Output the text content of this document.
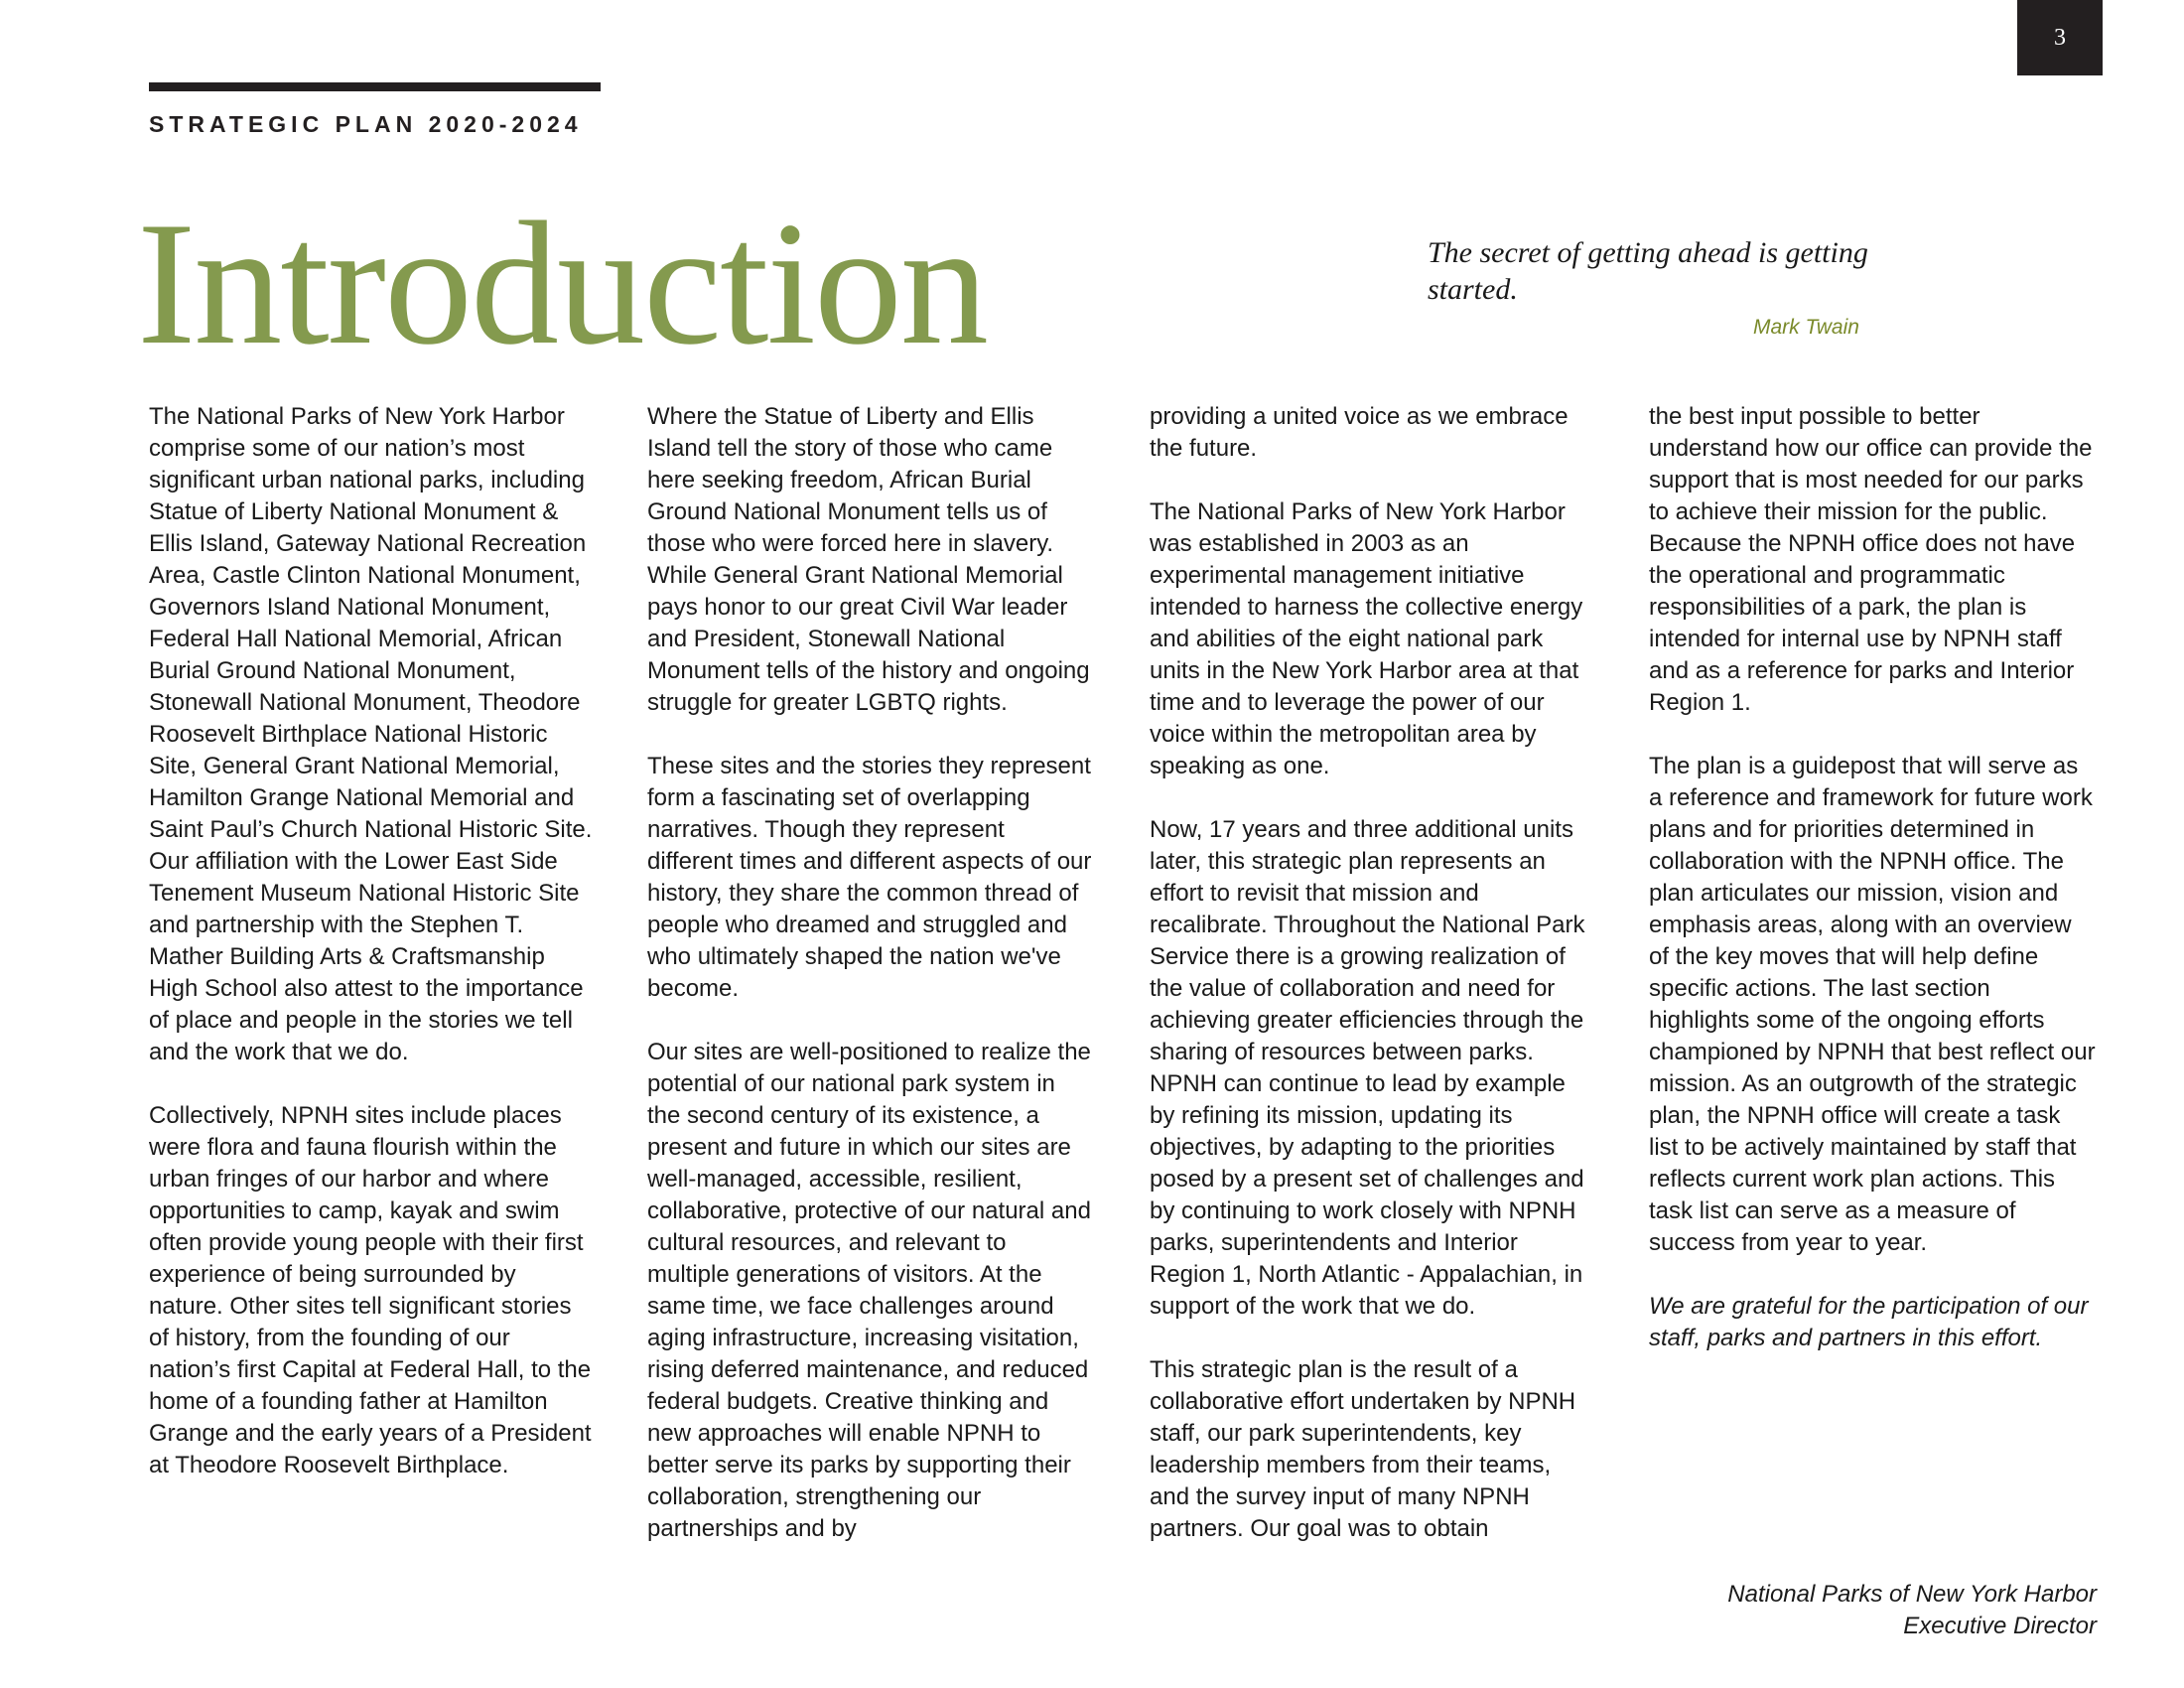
3
STRATEGIC PLAN 2020-2024
Introduction	The secret of getting ahead is getting started.
Mark Twain

The National Parks of New York Harbor comprise some of our nation’s most significant urban national parks, including Statue of Liberty National Monument & Ellis Island, Gateway National Recreation Area, Castle Clinton National Monument, Governors Island National Monument, Federal Hall National Memorial, African Burial Ground National Monument, Stonewall National Monument, Theodore Roosevelt Birthplace National Historic Site, General Grant National Memorial, Hamilton Grange National Memorial and Saint Paul’s Church National Historic Site. Our affiliation with the Lower East Side Tenement Museum National Historic Site and partnership with the Stephen T. Mather Building Arts & Craftsmanship High School also attest to the importance of place and people in the stories we tell and the work that we do.

Collectively, NPNH sites include places were flora and fauna flourish within the urban fringes of our harbor and where opportunities to camp, kayak and swim often provide young people with their first experience of being surrounded by nature. Other sites tell significant stories of history, from the founding of our nation’s first Capital at Federal Hall, to the home of a founding father at Hamilton Grange and the early years of a President at Theodore Roosevelt Birthplace.

Where the Statue of Liberty and Ellis Island tell the story of those who came here seeking freedom, African Burial Ground National Monument tells us of those who were forced here in slavery. While General Grant National Memorial pays honor to our great Civil War leader and President, Stonewall National Monument tells of the history and ongoing struggle for greater LGBTQ rights.

These sites and the stories they represent form a fascinating set of overlapping narratives. Though they represent different times and different aspects of our history, they share the common thread of people who dreamed and struggled and who ultimately shaped the nation we've become.

Our sites are well-positioned to realize the potential of our national park system in the second century of its existence, a present and future in which our sites are well-managed, accessible, resilient, collaborative, protective of our natural and cultural resources, and relevant to multiple generations of visitors. At the same time, we face challenges around aging infrastructure, increasing visitation, rising deferred maintenance, and reduced federal budgets. Creative thinking and new approaches will enable NPNH to better serve its parks by supporting their collaboration, strengthening our partnerships and by

providing a united voice as we embrace the future.

The National Parks of New York Harbor was established in 2003 as an experimental management initiative intended to harness the collective energy and abilities of the eight national park units in the New York Harbor area at that time and to leverage the power of our voice within the metropolitan area by speaking as one.

Now, 17 years and three additional units later, this strategic plan represents an effort to revisit that mission and recalibrate. Throughout the National Park Service there is a growing realization of the value of collaboration and need for achieving greater efficiencies through the sharing of resources between parks. NPNH can continue to lead by example by refining its mission, updating its objectives, by adapting to the priorities posed by a present set of challenges and by continuing to work closely with NPNH parks, superintendents and Interior Region 1, North Atlantic - Appalachian, in support of the work that we do.

This strategic plan is the result of a collaborative effort undertaken by NPNH staff, our park superintendents, key leadership members from their teams, and the survey input of many NPNH partners. Our goal was to obtain

the best input possible to better understand how our office can provide the support that is most needed for our parks to achieve their mission for the public. Because the NPNH office does not have the operational and programmatic responsibilities of a park, the plan is intended for internal use by NPNH staff and as a reference for parks and Interior Region 1.

The plan is a guidepost that will serve as a reference and framework for future work plans and for priorities determined in collaboration with the NPNH office. The plan articulates our mission, vision and emphasis areas, along with an overview of the key moves that will help define specific actions. The last section highlights some of the ongoing efforts championed by NPNH that best reflect our mission. As an outgrowth of the strategic plan, the NPNH office will create a task list to be actively maintained by staff that reflects current work plan actions. This task list can serve as a measure of success from year to year.

We are grateful for the participation of our staff, parks and partners in this effort.

National Parks of New York Harbor
Executive Director
